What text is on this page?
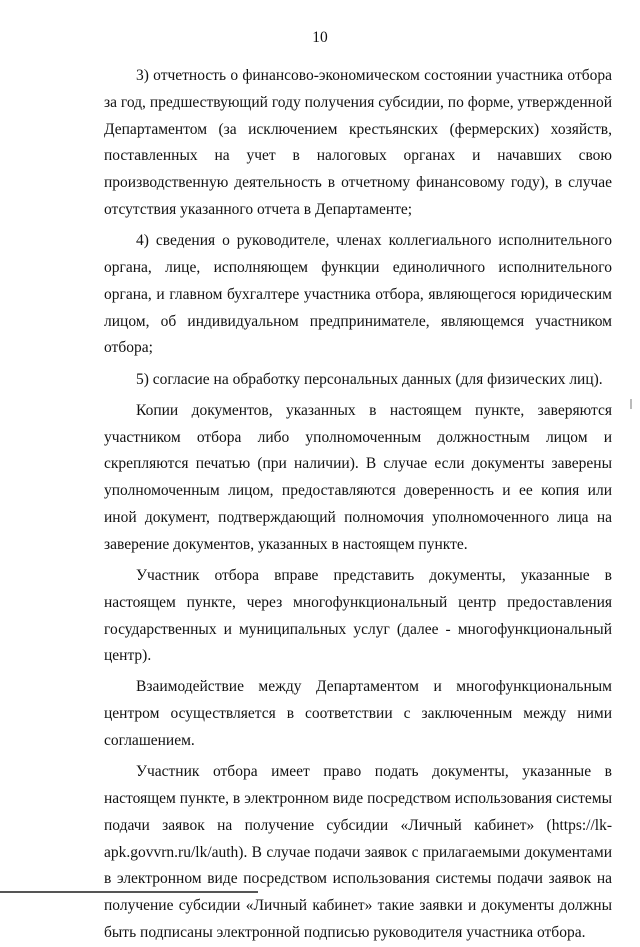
10

3) отчетность о финансово-экономическом состоянии участника отбора за год, предшествующий году получения субсидии, по форме, утвержденной Департаментом (за исключением крестьянских (фермерских) хозяйств, поставленных на учет в налоговых органах и начавших свою производственную деятельность в отчетному финансовому году), в случае отсутствия указанного отчета в Департаменте;

4) сведения о руководителе, членах коллегиального исполнительного органа, лице, исполняющем функции единоличного исполнительного органа, и главном бухгалтере участника отбора, являющегося юридическим лицом, об индивидуальном предпринимателе, являющемся участником отбора;

5) согласие на обработку персональных данных (для физических лиц).

Копии документов, указанных в настоящем пункте, заверяются участником отбора либо уполномоченным должностным лицом и скрепляются печатью (при наличии). В случае если документы заверены уполномоченным лицом, предоставляются доверенность и ее копия или иной документ, подтверждающий полномочия уполномоченного лица на заверение документов, указанных в настоящем пункте.

Участник отбора вправе представить документы, указанные в настоящем пункте, через многофункциональный центр предоставления государственных и муниципальных услуг (далее - многофункциональный центр).

Взаимодействие между Департаментом и многофункциональным центром осуществляется в соответствии с заключенным между ними соглашением.

Участник отбора имеет право подать документы, указанные в настоящем пункте, в электронном виде посредством использования системы подачи заявок на получение субсидии «Личный кабинет» (https://lk-apk.govvrn.ru/lk/auth). В случае подачи заявок с прилагаемыми документами в электронном виде посредством использования системы подачи заявок на получение субсидии «Личный кабинет» такие заявки и документы должны быть подписаны электронной подписью руководителя участника отбора.
